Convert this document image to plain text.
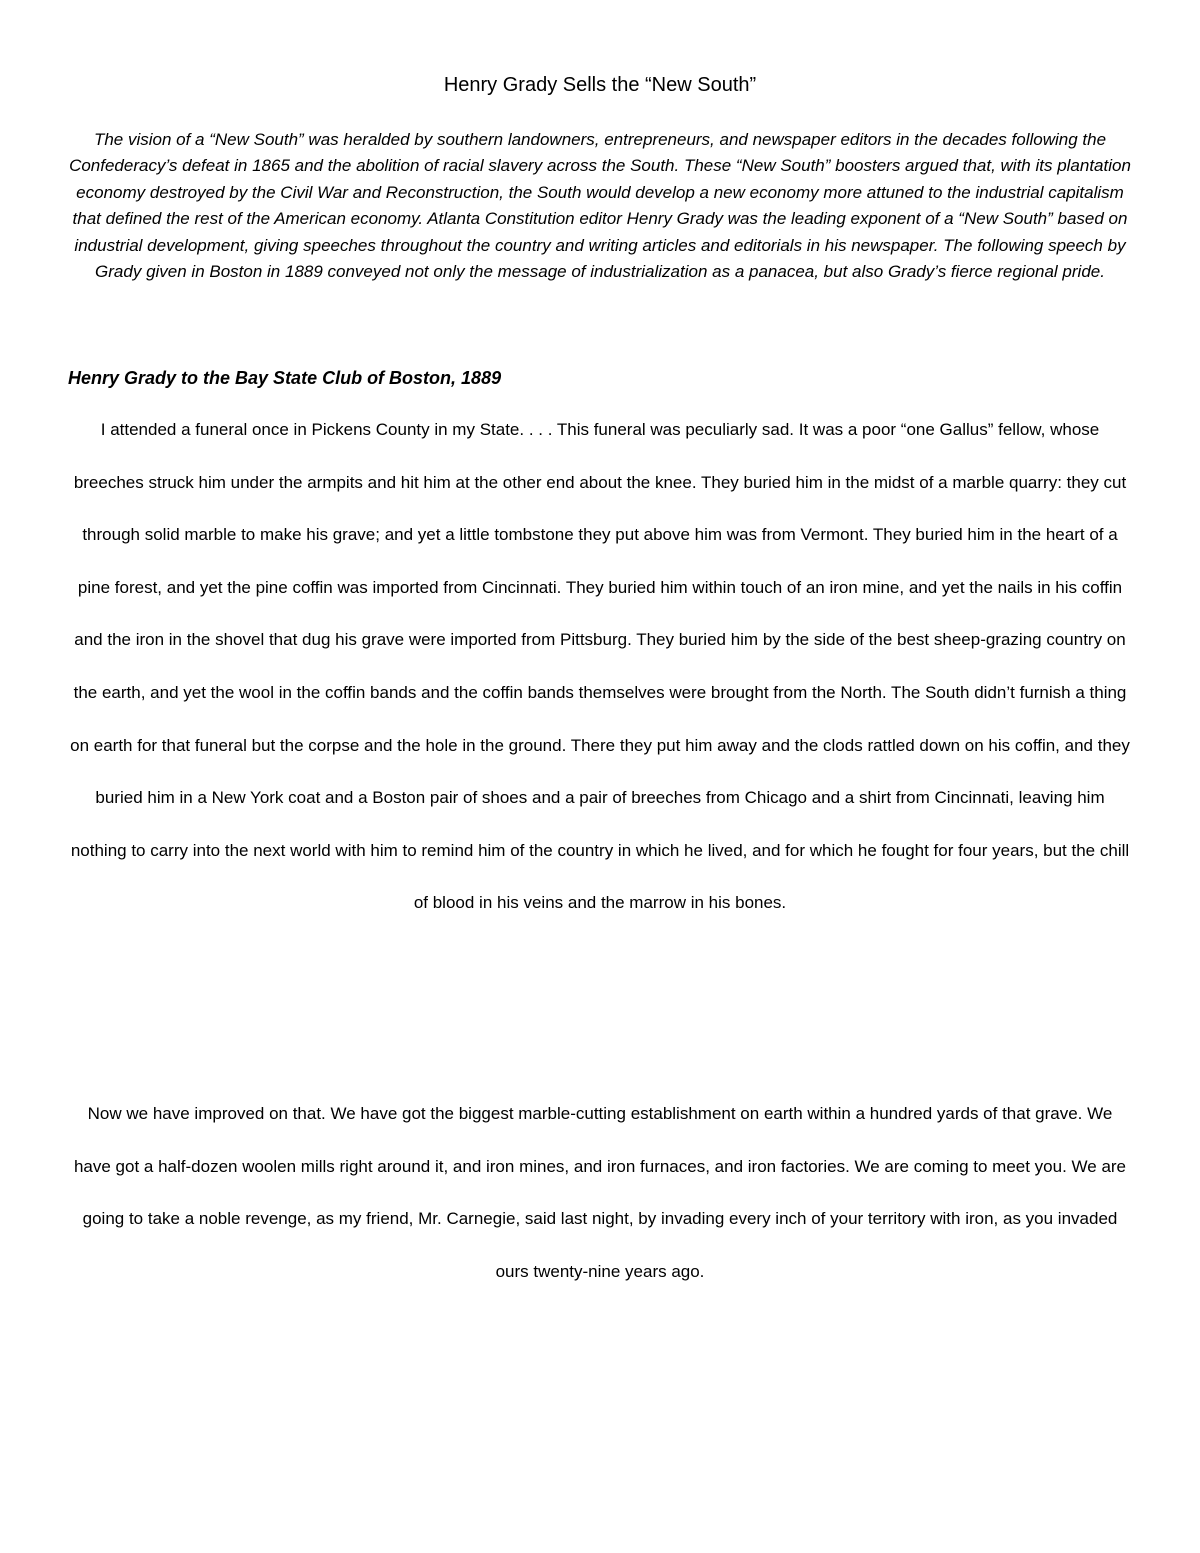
Henry Grady Sells the “New South”

The vision of a “New South” was heralded by southern landowners, entrepreneurs, and newspaper editors in the decades following the Confederacy’s defeat in 1865 and the abolition of racial slavery across the South. These “New South” boosters argued that, with its plantation economy destroyed by the Civil War and Reconstruction, the South would develop a new economy more attuned to the industrial capitalism that defined the rest of the American economy. Atlanta Constitution editor Henry Grady was the leading exponent of a “New South” based on industrial development, giving speeches throughout the country and writing articles and editorials in his newspaper. The following speech by Grady given in Boston in 1889 conveyed not only the message of industrialization as a panacea, but also Grady’s fierce regional pride.

Henry Grady to the Bay State Club of Boston, 1889

I attended a funeral once in Pickens County in my State. . . . This funeral was peculiarly sad. It was a poor “one Gallus” fellow, whose breeches struck him under the armpits and hit him at the other end about the knee. They buried him in the midst of a marble quarry: they cut through solid marble to make his grave; and yet a little tombstone they put above him was from Vermont. They buried him in the heart of a pine forest, and yet the pine coffin was imported from Cincinnati. They buried him within touch of an iron mine, and yet the nails in his coffin and the iron in the shovel that dug his grave were imported from Pittsburg. They buried him by the side of the best sheep-grazing country on the earth, and yet the wool in the coffin bands and the coffin bands themselves were brought from the North. The South didn’t furnish a thing on earth for that funeral but the corpse and the hole in the ground. There they put him away and the clods rattled down on his coffin, and they buried him in a New York coat and a Boston pair of shoes and a pair of breeches from Chicago and a shirt from Cincinnati, leaving him nothing to carry into the next world with him to remind him of the country in which he lived, and for which he fought for four years, but the chill of blood in his veins and the marrow in his bones.

Now we have improved on that. We have got the biggest marble-cutting establishment on earth within a hundred yards of that grave. We have got a half-dozen woolen mills right around it, and iron mines, and iron furnaces, and iron factories. We are coming to meet you. We are going to take a noble revenge, as my friend, Mr. Carnegie, said last night, by invading every inch of your territory with iron, as you invaded ours twenty-nine years ago.
